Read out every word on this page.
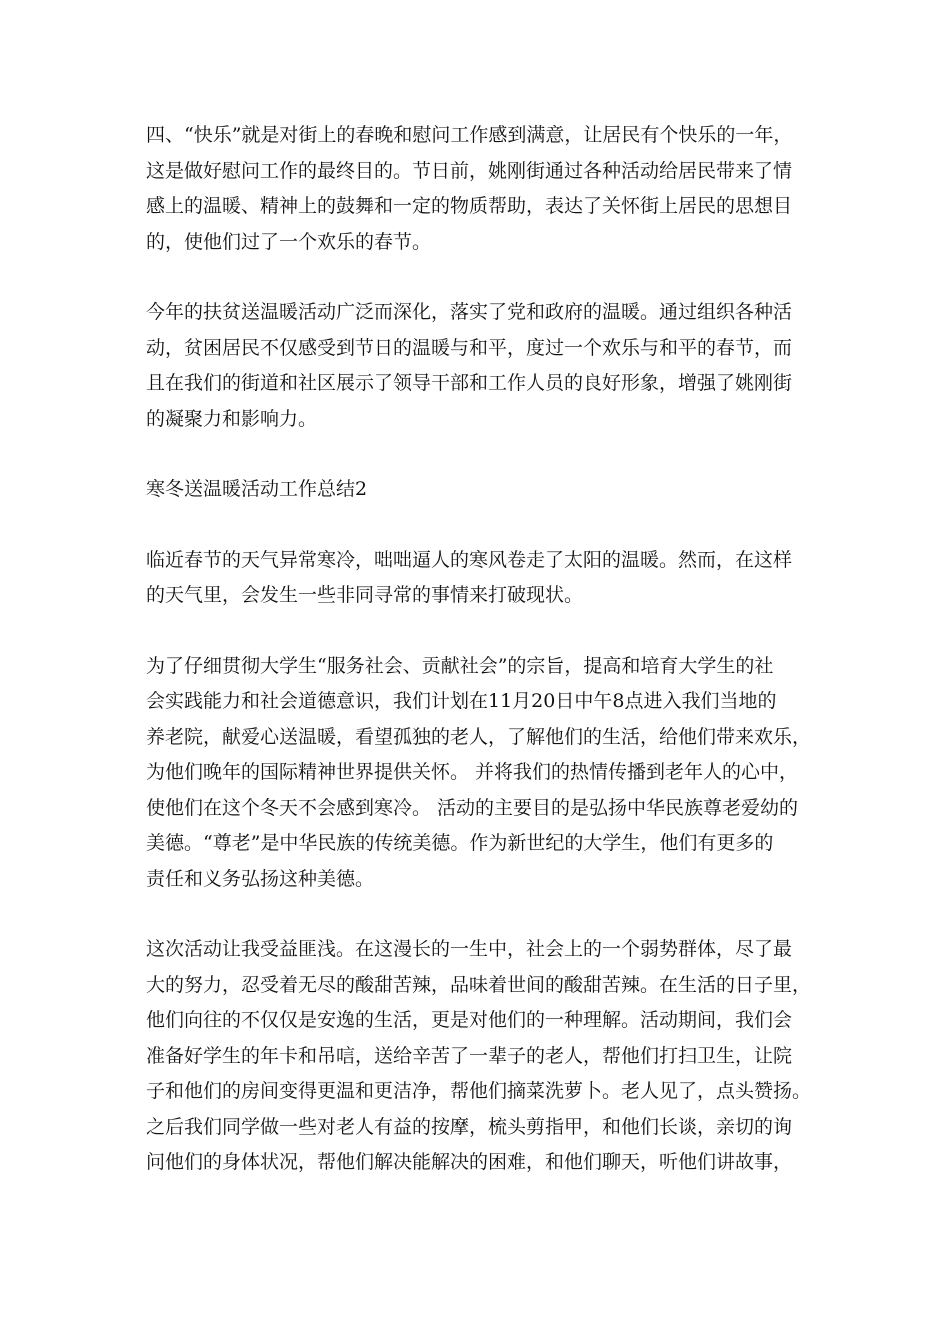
四、“快乐”就是对街上的春晚和慰问工作感到满意，让居民有个快乐的一年，
这是做好慰问工作的最终目的。节日前，姚刚街通过各种活动给居民带来了情
感上的温暖、精神上的鼓舞和一定的物质帮助，表达了关怀街上居民的思想目
的，使他们过了一个欢乐的春节。
今年的扶贫送温暖活动广泛而深化，落实了党和政府的温暖。通过组织各种活
动，贫困居民不仅感受到节日的温暖与和平，度过一个欢乐与和平的春节，而
且在我们的街道和社区展示了领导干部和工作人员的良好形象，增强了姚刚街
的凝聚力和影响力。
寒冬送温暖活动工作总结2
临近春节的天气异常寒冷，咄咄逼人的寒风卷走了太阳的温暖。然而，在这样
的天气里，会发生一些非同寻常的事情来打破现状。
为了仔细贯彻大学生“服务社会、贡献社会”的宗旨，提高和培育大学生的社
会实践能力和社会道德意识，我们计划在11月20日中午8点进入我们当地的
养老院，献爱心送温暖，看望孤独的老人，了解他们的生活，给他们带来欢乐，
为他们晚年的国际精神世界提供关怀。 并将我们的热情传播到老年人的心中，
使他们在这个冬天不会感到寒冷。 活动的主要目的是弘扬中华民族尊老爱幼的
美德。“尊老”是中华民族的传统美德。作为新世纪的大学生，他们有更多的
责任和义务弘扬这种美德。
这次活动让我受益匪浅。在这漫长的一生中，社会上的一个弱势群体，尽了最
大的努力，忍受着无尽的酸甜苦辣，品味着世间的酸甜苦辣。在生活的日子里，
他们向往的不仅仅是安逸的生活，更是对他们的一种理解。活动期间，我们会
准备好学生的年卡和吊唁，送给辛苦了一辈子的老人，帮他们打扫卫生，让院
子和他们的房间变得更温和更洁净，帮他们摘菜洗萝卜。老人见了，点头赞扬。
之后我们同学做一些对老人有益的按摩，梳头剪指甲，和他们长谈，亲切的询
问他们的身体状况，帮他们解决能解决的困难，和他们聊天，听他们讲故事，
